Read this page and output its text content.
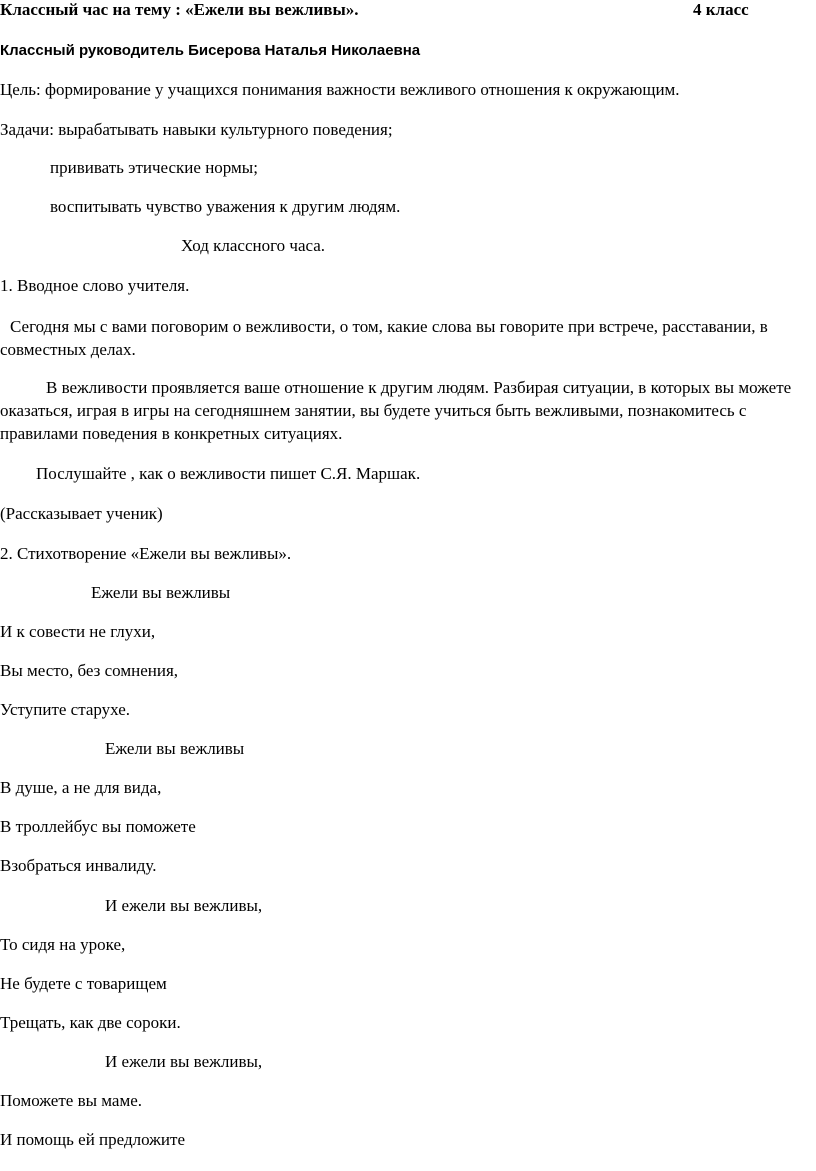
Классный час на тему : «Ежели вы вежливы».	4 класс
Классный руководитель Бисерова Наталья Николаевна
Цель: формирование у учащихся понимания важности вежливого отношения к окружающим.
Задачи: вырабатывать навыки культурного поведения;
прививать этические нормы;
воспитывать чувство уважения к другим людям.
Ход классного часа.
1. Вводное слово учителя.
Сегодня мы с вами поговорим о вежливости, о том, какие слова вы говорите при встрече, расставании, в совместных делах.
В вежливости проявляется ваше отношение к другим людям. Разбирая ситуации, в которых вы можете оказаться, играя в игры на сегодняшнем занятии, вы будете учиться быть вежливыми, познакомитесь с правилами поведения в конкретных ситуациях.
Послушайте , как о вежливости пишет С.Я. Маршак.
(Рассказывает ученик)
2. Стихотворение «Ежели вы вежливы».
Ежели вы вежливы
И к совести не глухи,
Вы место, без сомнения,
Уступите старухе.
Ежели вы вежливы
В душе, а не для вида,
В троллейбус вы поможете
Взобраться инвалиду.
И ежели вы вежливы,
То сидя на уроке,
Не будете с товарищем
Трещать, как две сороки.
И ежели вы вежливы,
Поможете вы маме.
И помощь ей предложите
